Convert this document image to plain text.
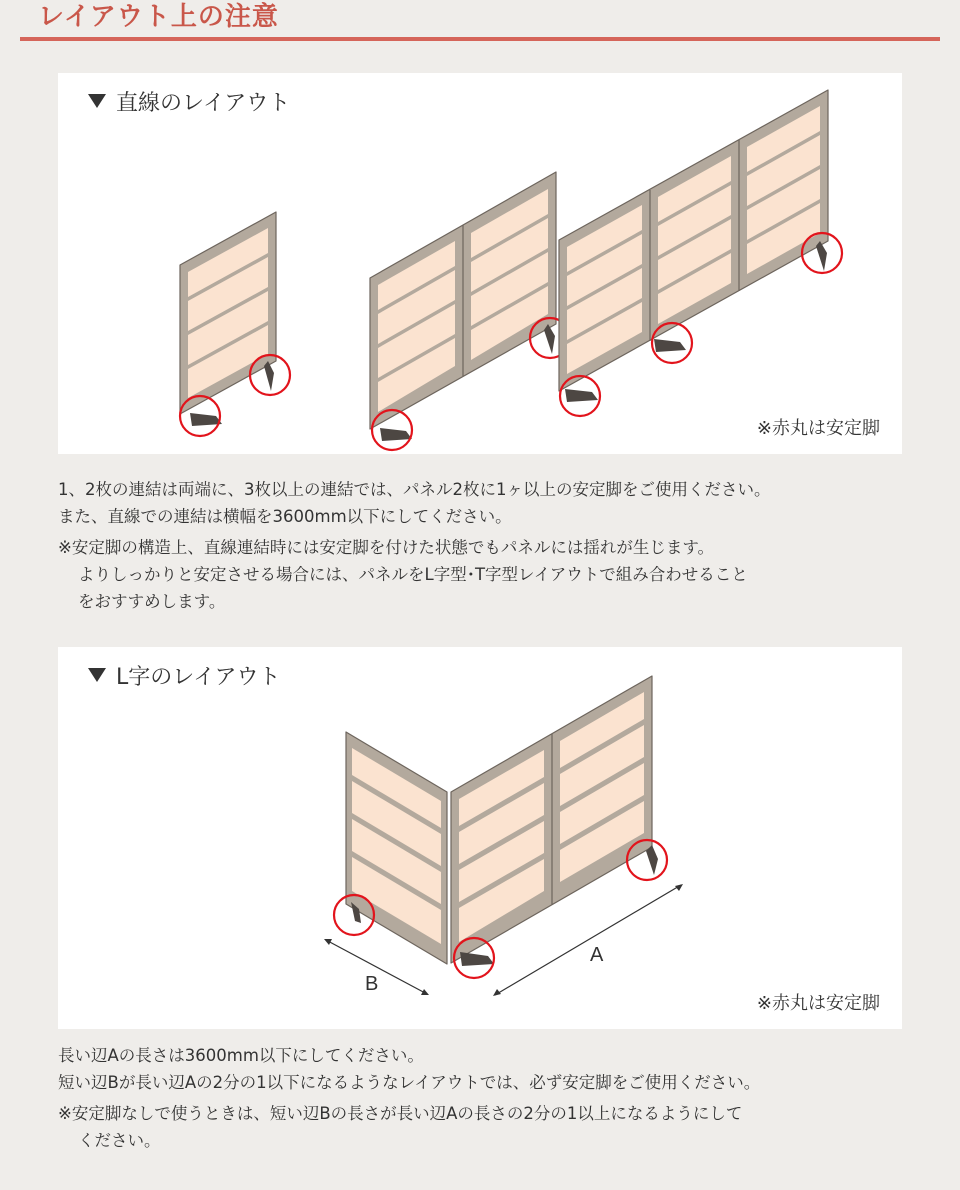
レイアウト上の注意
直線のレイアウト
※赤丸は安定脚

1、2枚の連結は両端に、3枚以上の連結では、パネル2枚に1ヶ以上の安定脚をご使用ください。

また、直線での連結は横幅を3600mm以下にしてください。

※安定脚の構造上、直線連結時には安定脚を付けた状態でもパネルには揺れが生じます。

よりしっかりと安定させる場合には、パネルをL字型･T字型レイアウトで組み合わせること

をおすすめします。

L字のレイアウト
B
A
※赤丸は安定脚

長い辺Aの長さは3600mm以下にしてください。

短い辺Bが長い辺Aの2分の1以下になるようなレイアウトでは、必ず安定脚をご使用ください。

※安定脚なしで使うときは、短い辺Bの長さが長い辺Aの長さの2分の1以上になるようにして

ください。
